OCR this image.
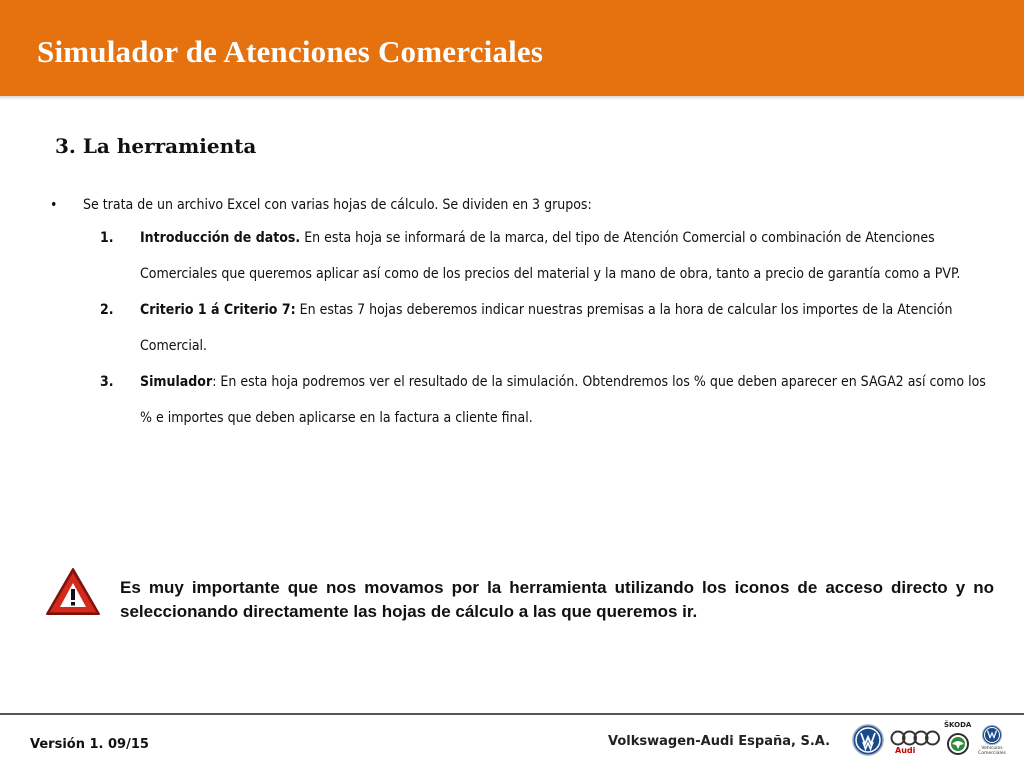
Simulador de Atenciones Comerciales
3. La herramienta
• Se trata de un archivo Excel con varias hojas de cálculo. Se dividen en 3 grupos:
1. Introducción de datos. En esta hoja se informará de la marca, del tipo de Atención Comercial o combinación de Atenciones Comerciales que queremos aplicar así como de los precios del material y la mano de obra, tanto a precio de garantía como a PVP.
2. Criterio 1 á Criterio 7: En estas 7 hojas deberemos indicar nuestras premisas a la hora de calcular los importes de la Atención Comercial.
3. Simulador: En esta hoja podremos ver el resultado de la simulación. Obtendremos los % que deben aparecer en SAGA2 así como los % e importes que deben aplicarse en la factura a cliente final.
Es muy importante que nos movamos por la herramienta utilizando los iconos de acceso directo y no seleccionando directamente las hojas de cálculo a las que queremos ir.
Versión 1. 09/15	Volkswagen-Audi España, S.A.
Audi
ŠKODA
Vehículos
Comerciales
